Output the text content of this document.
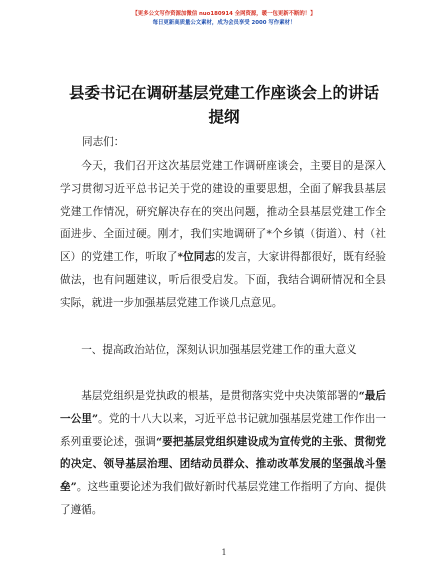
【更多公文写作资源加微信 nuo180914 全网资源，暖一包更新不断的！】
每日更新高质量公文素材，成为会员享受 2000 写作素材！
县委书记在调研基层党建工作座谈会上的讲话
提纲
同志们：

今天，我们召开这次基层党建工作调研座谈会，主要目的是深入学习贯彻习近平总书记关于党的建设的重要思想，全面了解我县基层党建工作情况，研究解决存在的突出问题，推动全县基层党建工作全面进步、全面过硬。刚才，我们实地调研了*个乡镇（街道）、村（社区）的党建工作，听取了*位同志的发言，大家讲得都很好，既有经验做法，也有问题建议，听后很受启发。下面，我结合调研情况和全县实际，就进一步加强基层党建工作谈几点意见。

一、提高政治站位，深刻认识加强基层党建工作的重大意义

基层党组织是党执政的根基，是贯彻落实党中央决策部署的“最后一公里”。党的十八大以来，习近平总书记就加强基层党建工作作出一系列重要论述，强调“要把基层党组织建设成为宣传党的主张、贯彻党的决定、领导基层治理、团结动员群众、推动改革发展的坚强战斗堡垒”。这些重要论述为我们做好新时代基层党建工作指明了方向、提供了遵循。

1
